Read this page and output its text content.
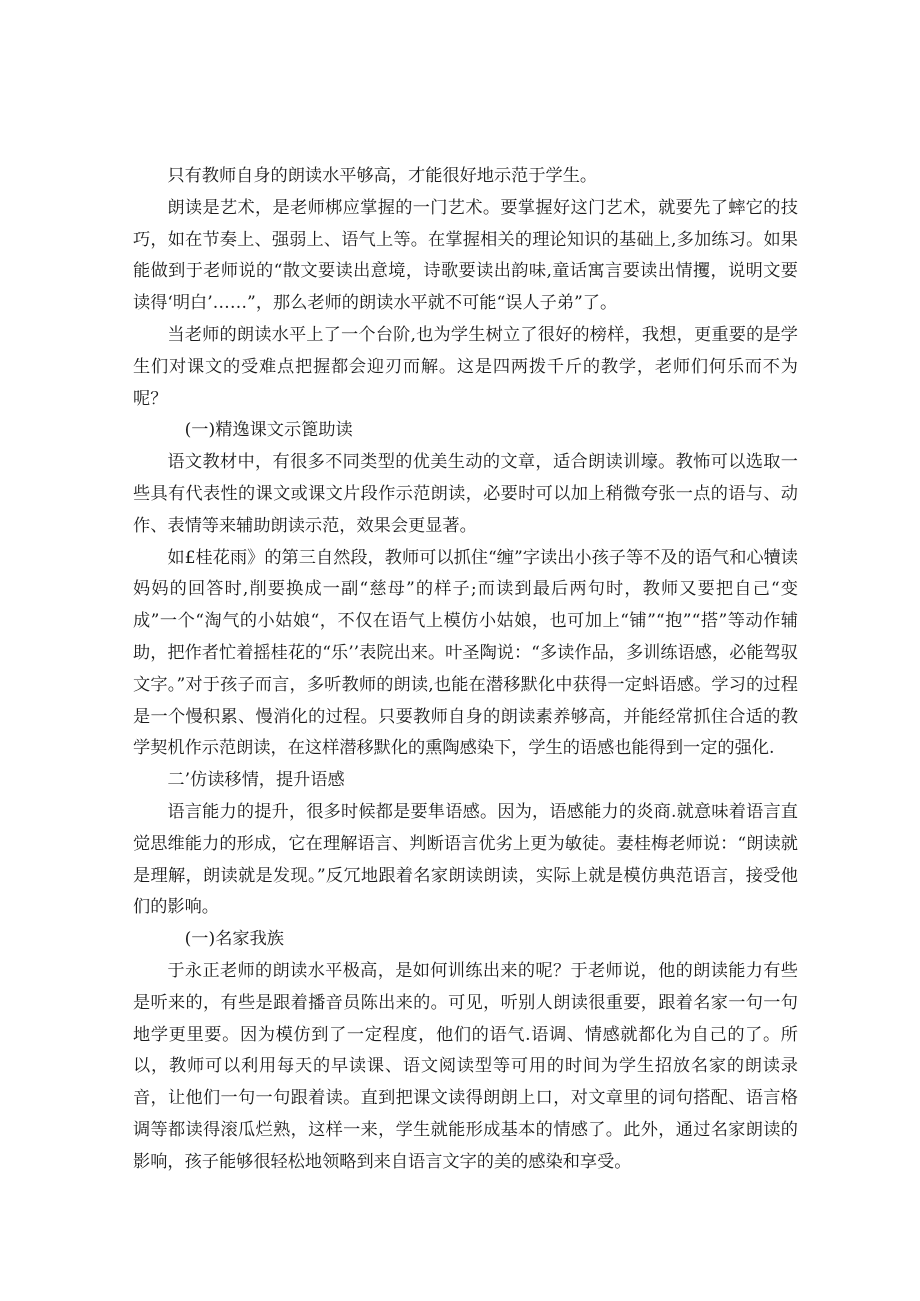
只有教师自身的朗读水平够高，才能很好地示范于学生。

朗读是艺术，是老师梆应掌握的一门艺术。要掌握好这门艺术，就要先了蟀它的技巧，如在节奏上、强弱上、语气上等。在掌握相关的理论知识的基础上,多加练习。如果能做到于老师说的“散文要读出意境，诗歌要读出韵味,童话寓言要读出情攫，说明文要读得‘明白’……”，那么老师的朗读水平就不可能“误人子弟”了。

当老师的朗读水平上了一个台阶,也为学生树立了很好的榜样，我想，更重要的是学生们对课文的受难点把握都会迎刃而解。这是四两拨千斤的教学，老师们何乐而不为呢？

(一)精逸课文示篦助读

语文教材中，有很多不同类型的优美生动的文章，适合朗读训壕。教怖可以选取一些具有代表性的课文或课文片段作示范朗读，必要时可以加上稍微夸张一点的语与、动作、表情等来辅助朗读示范，效果会更显著。

如£桂花雨》的第三自然段，教师可以抓住“缠”字读出小孩子等不及的语气和心犢读妈妈的回答时,削要换成一副“慈母”的样子;而读到最后两句时，教师又要把自己“变成”一个“淘气的小姑娘“，不仅在语气上模仿小姑娘，也可加上“铺”“抱”“搭”等动作辅助，把作者忙着摇桂花的“乐’’表院出来。叶圣陶说：“多读作品，多训练语感，必能驾驭文字。”对于孩子而言，多听教师的朗读,也能在潜移默化中获得一定蚪语感。学习的过程是一个慢积累、慢消化的过程。只要教师自身的朗读素养够高，并能经常抓住合适的教学契机作示范朗读，在这样潜移默化的熏陶感染下，学生的语感也能得到一定的强化.

二’仿读移情，提升语感

语言能力的提升，很多时候都是要隼语感。因为，语感能力的炎商.就意味着语言直觉思维能力的形成，它在理解语言、判断语言优劣上更为敏徒。妻桂梅老师说：“朗读就是理解，朗读就是发现。”反冗地跟着名家朗读朗读，实际上就是模仿典范语言，接受他们的影响。

(一)名家我族

于永正老师的朗读水平极高，是如何训练出来的呢？于老师说，他的朗读能力有些是听来的，有些是跟着播音员陈出来的。可见，听别人朗读很重要，跟着名家一句一句地学更里要。因为模仿到了一定程度，他们的语气.语调、情感就都化为自己的了。所以，教师可以利用每天的早读课、语文阅读型等可用的时间为学生招放名家的朗读录音，让他们一句一句跟着读。直到把课文读得朗朗上口，对文章里的词句搭配、语言格调等都读得滚瓜烂熟，这样一来，学生就能形成基本的情感了。此外，通过名家朗读的影响，孩子能够很轻松地领略到来自语言文字的美的感染和享受。
